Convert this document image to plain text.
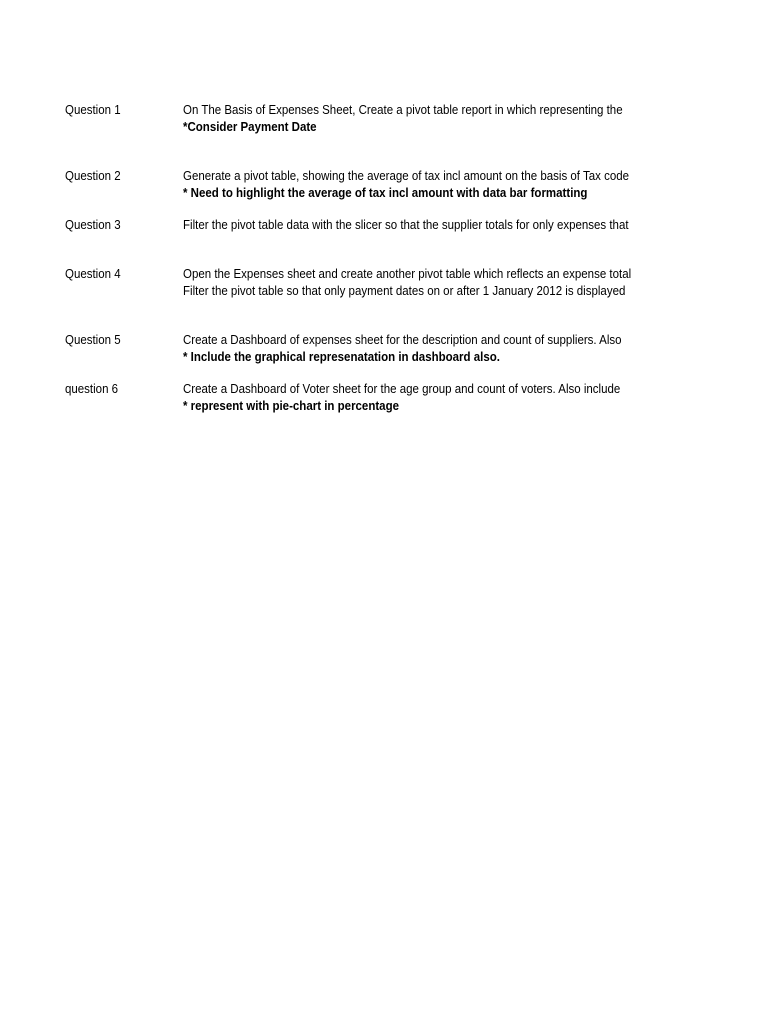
Question 1	On The Basis of Expenses Sheet, Create a pivot table report in which representing the
*Consider Payment Date
Question 2	Generate a pivot table, showing the average of tax incl amount on the basis of Tax code
* Need to highlight the average of tax incl amount with data bar formatting
Question 3	Filter the pivot table data with the slicer so that the supplier totals for only expenses that
Question 4	Open the Expenses sheet and create another pivot table which reflects an expense total
Filter the pivot table so that only payment dates on or after 1 January 2012 is displayed
Question 5	Create a Dashboard of expenses sheet for the description and count of suppliers. Also
* Include the graphical represenatation in dashboard also.
question 6	Create a Dashboard of Voter sheet for the age group and count of voters. Also include
* represent with pie-chart in percentage
